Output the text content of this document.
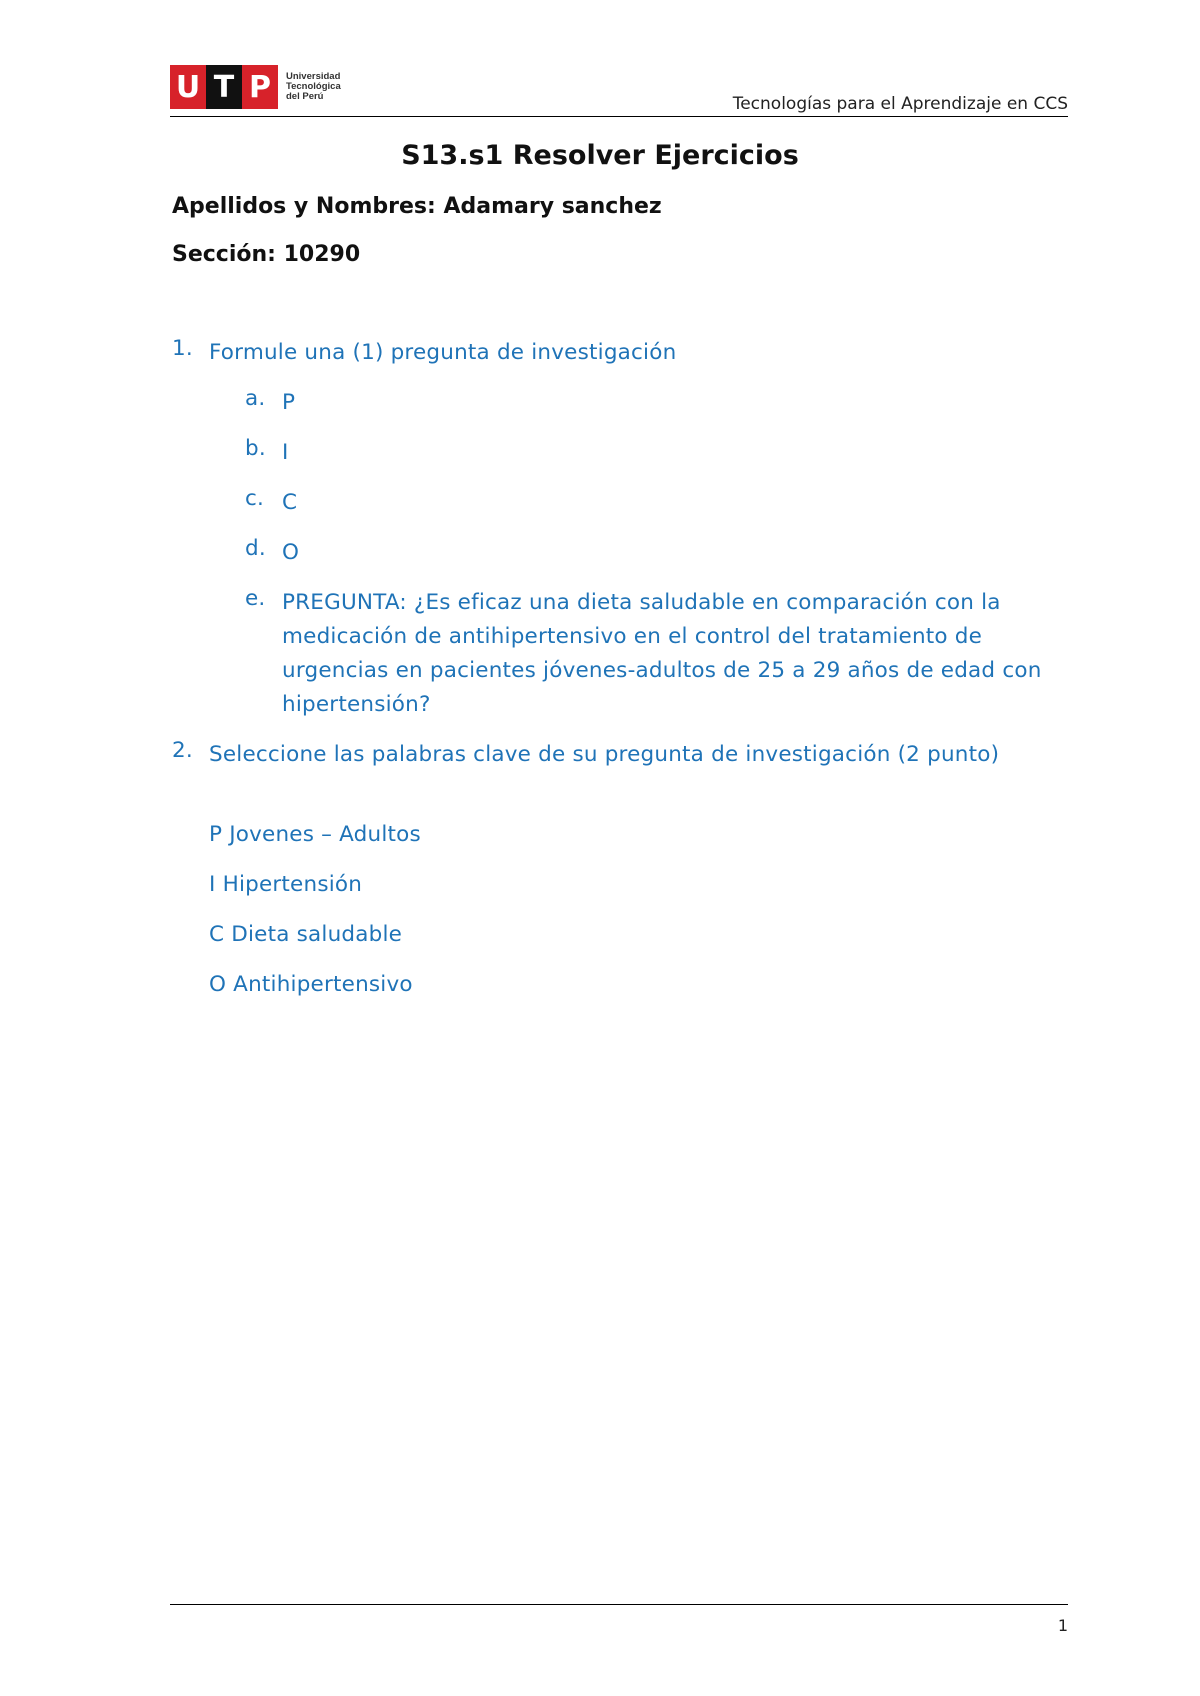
U T P	Universidad
Tecnológica
del Perú	Tecnologías para el Aprendizaje en CCS
S13.s1 Resolver Ejercicios
Apellidos y Nombres: Adamary sanchez
Sección: 10290
1. Formule una (1) pregunta de investigación
a. P
b. I
c. C
d. O
e. PREGUNTA: ¿Es eficaz una dieta saludable en comparación con la medicación de antihipertensivo en el control del tratamiento de urgencias en pacientes jóvenes-adultos de 25 a 29 años de edad con hipertensión?
2. Seleccione las palabras clave de su pregunta de investigación (2 punto)
P Jovenes – Adultos
I Hipertensión
C Dieta saludable
O Antihipertensivo
1
